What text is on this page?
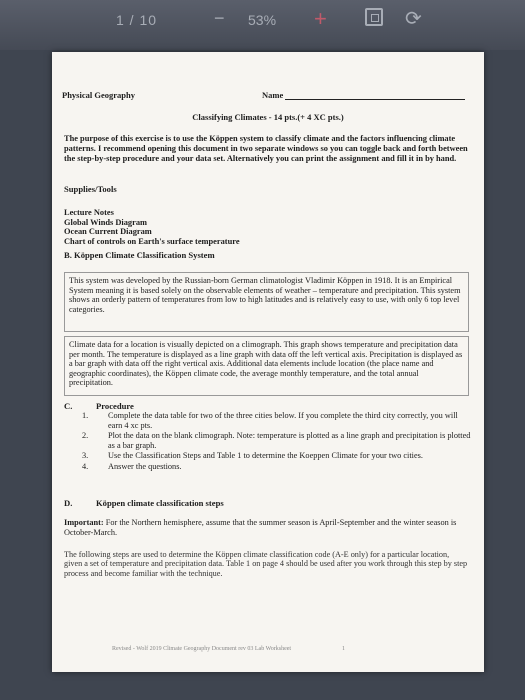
1 / 10	− 53% +	⟳
Physical Geography	Name
Classifying Climates - 14 pts.(+ 4 XC pts.)
The purpose of this exercise is to use the Köppen system to classify climate and the factors influencing climate patterns. I recommend opening this document in two separate windows so you can toggle back and forth between the step-by-step procedure and your data set. Alternatively you can print the assignment and fill it in by hand.
Supplies/Tools
Lecture Notes
Global Winds Diagram
Ocean Current Diagram
Chart of controls on Earth's surface temperature
B. Köppen Climate Classification System
This system was developed by the Russian-born German climatologist Vladimir Köppen in 1918. It is an Empirical System meaning it is based solely on the observable elements of weather – temperature and precipitation. This system shows an orderly pattern of temperatures from low to high latitudes and is relatively easy to use, with only 6 top level categories.
Climate data for a location is visually depicted on a climograph. This graph shows temperature and precipitation data per month. The temperature is displayed as a line graph with data off the left vertical axis. Precipitation is displayed as a bar graph with data off the right vertical axis. Additional data elements include location (the place name and geographic coordinates), the Köppen climate code, the average monthly temperature, and the total annual precipitation.
C.	Procedure
1.	Complete the data table for two of the three cities below. If you complete the third city correctly, you will earn 4 xc pts.
2.	Plot the data on the blank climograph. Note: temperature is plotted as a line graph and precipitation is plotted as a bar graph.
3.	Use the Classification Steps and Table 1 to determine the Koeppen Climate for your two cities.
4.	Answer the questions.
D.	Köppen climate classification steps
Important: For the Northern hemisphere, assume that the summer season is April-September and the winter season is October-March.
The following steps are used to determine the Köppen climate classification code (A-E only) for a particular location, given a set of temperature and precipitation data. Table 1 on page 4 should be used after you work through this step by step process and become familiar with the technique.
Revised - Wolf 2019 Climate Geography Document rev 03 Lab Worksheet	1
